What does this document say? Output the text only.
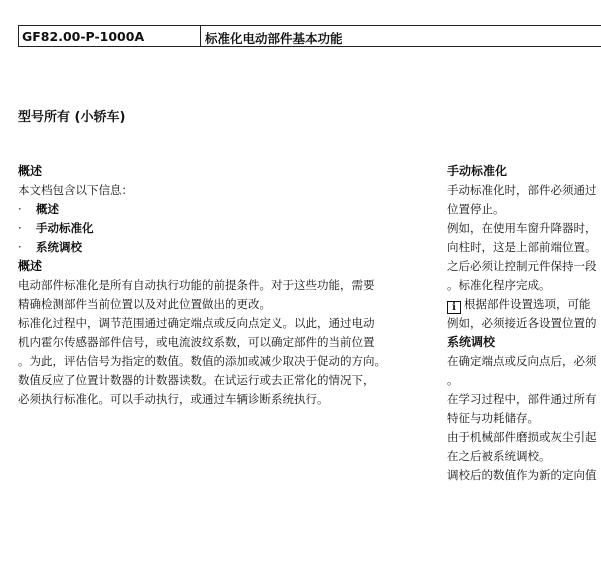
GF82.00-P-1000A	标准化电动部件基本功能
型号所有 (小轿车)
概述
本文档包含以下信息：
· 概述
· 手动标准化
· 系统调校
概述
电动部件标准化是所有自动执行功能的前提条件。对于这些功能，需要
精确检测部件当前位置以及对此位置做出的更改。
标准化过程中，调节范围通过确定端点或反向点定义。以此，通过电动
机内霍尔传感器部件信号，或电流波纹系数，可以确定部件的当前位置
。为此，评估信号为指定的数值。数值的添加或减少取决于促动的方向。
数值反应了位置计数器的计数器读数。在试运行或去正常化的情况下，
必须执行标准化。可以手动执行，或通过车辆诊断系统执行。
手动标准化
手动标准化时，部件必须通过
位置停止。
例如，在使用车窗升降器时，
向柱时，这是上部前端位置。
之后必须让控制元件保持一段
。标准化程序完成。
i 根据部件设置选项，可能
例如，必须接近各设置位置的
系统调校
在确定端点或反向点后，必须
。
在学习过程中，部件通过所有
特征与功耗储存。
由于机械部件磨损或灰尘引起
在之后被系统调校。
调校后的数值作为新的定向值
